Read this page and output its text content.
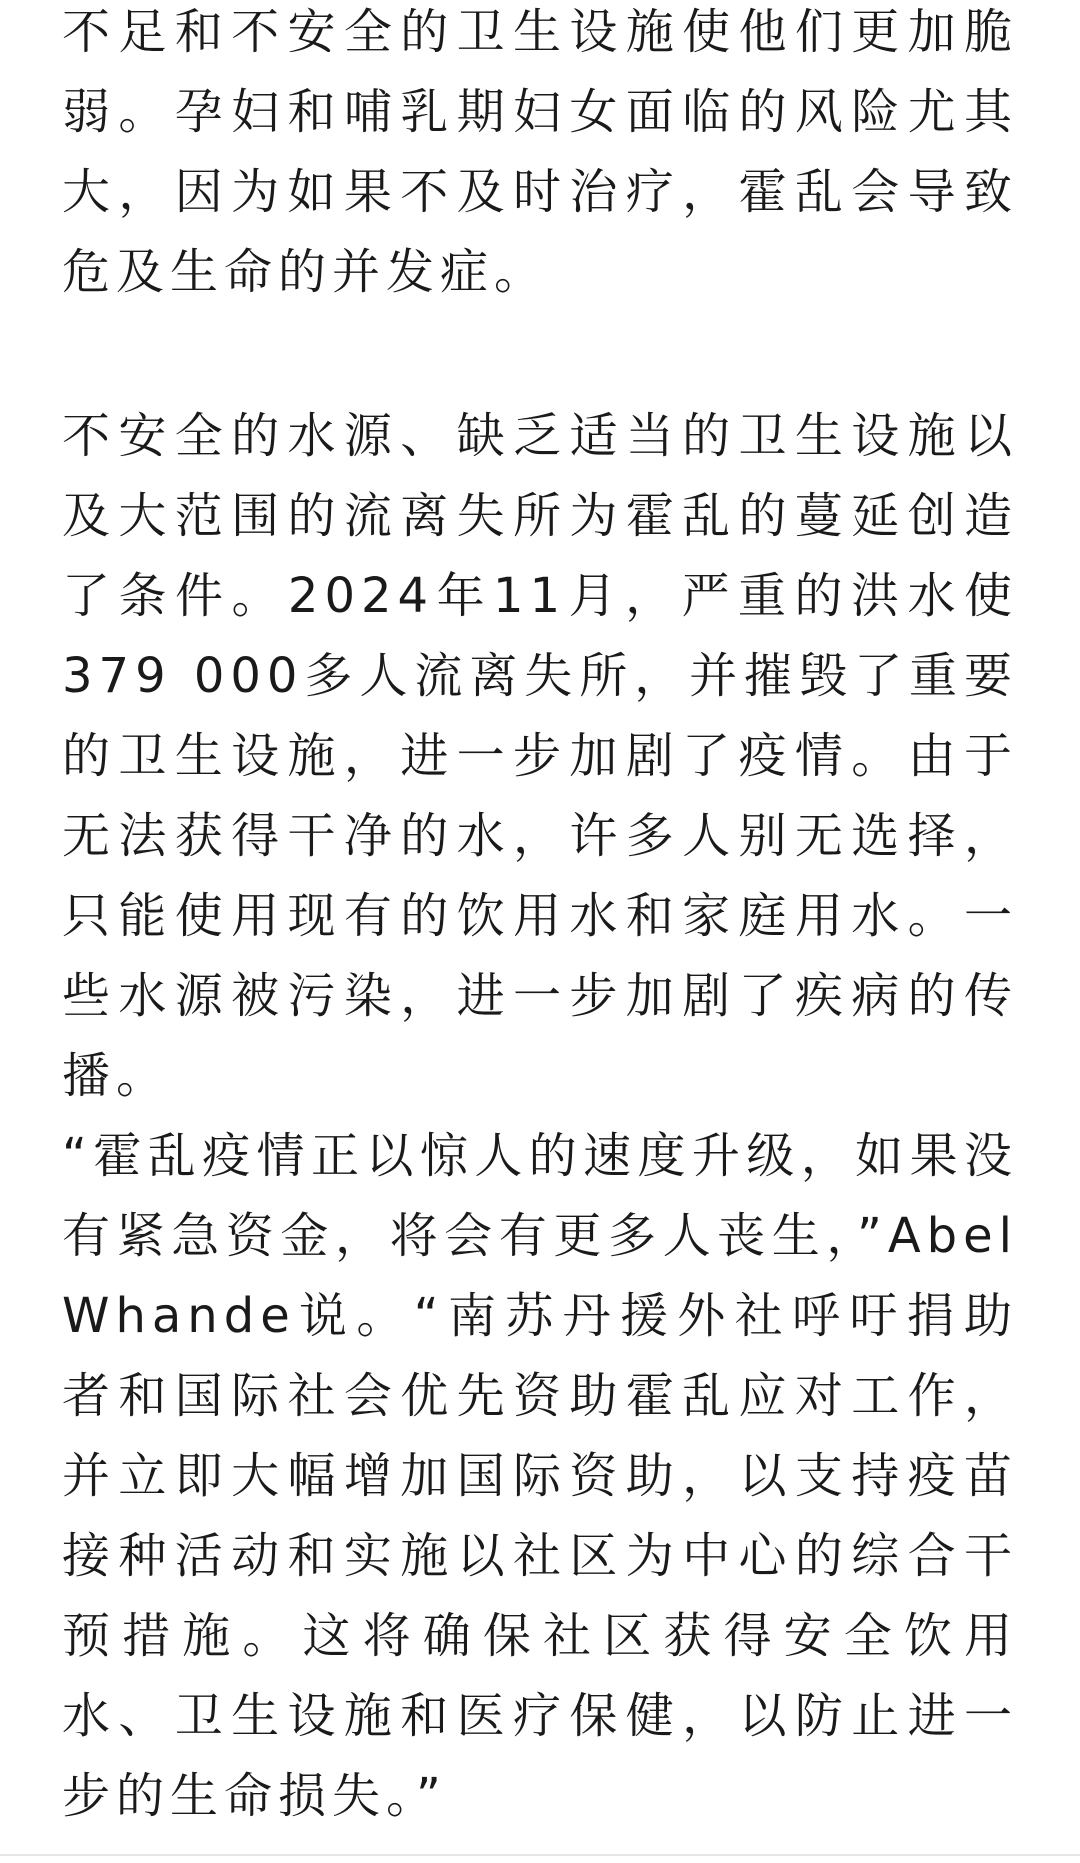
不足和不安全的卫生设施使他们更加脆弱。孕妇和哺乳期妇女面临的风险尤其大，因为如果不及时治疗，霍乱会导致危及生命的并发症。

不安全的水源、缺乏适当的卫生设施以及大范围的流离失所为霍乱的蔓延创造了条件。2024年11月，严重的洪水使379 000多人流离失所，并摧毁了重要的卫生设施，进一步加剧了疫情。由于无法获得干净的水，许多人别无选择，只能使用现有的饮用水和家庭用水。一些水源被污染，进一步加剧了疾病的传播。

“霍乱疫情正以惊人的速度升级，如果没有紧急资金，将会有更多人丧生，”Abel Whande说。“南苏丹援外社呼吁捐助者和国际社会优先资助霍乱应对工作，并立即大幅增加国际资助，以支持疫苗接种活动和实施以社区为中心的综合干预措施。这将确保社区获得安全饮用水、卫生设施和医疗保健，以防止进一步的生命损失。”
